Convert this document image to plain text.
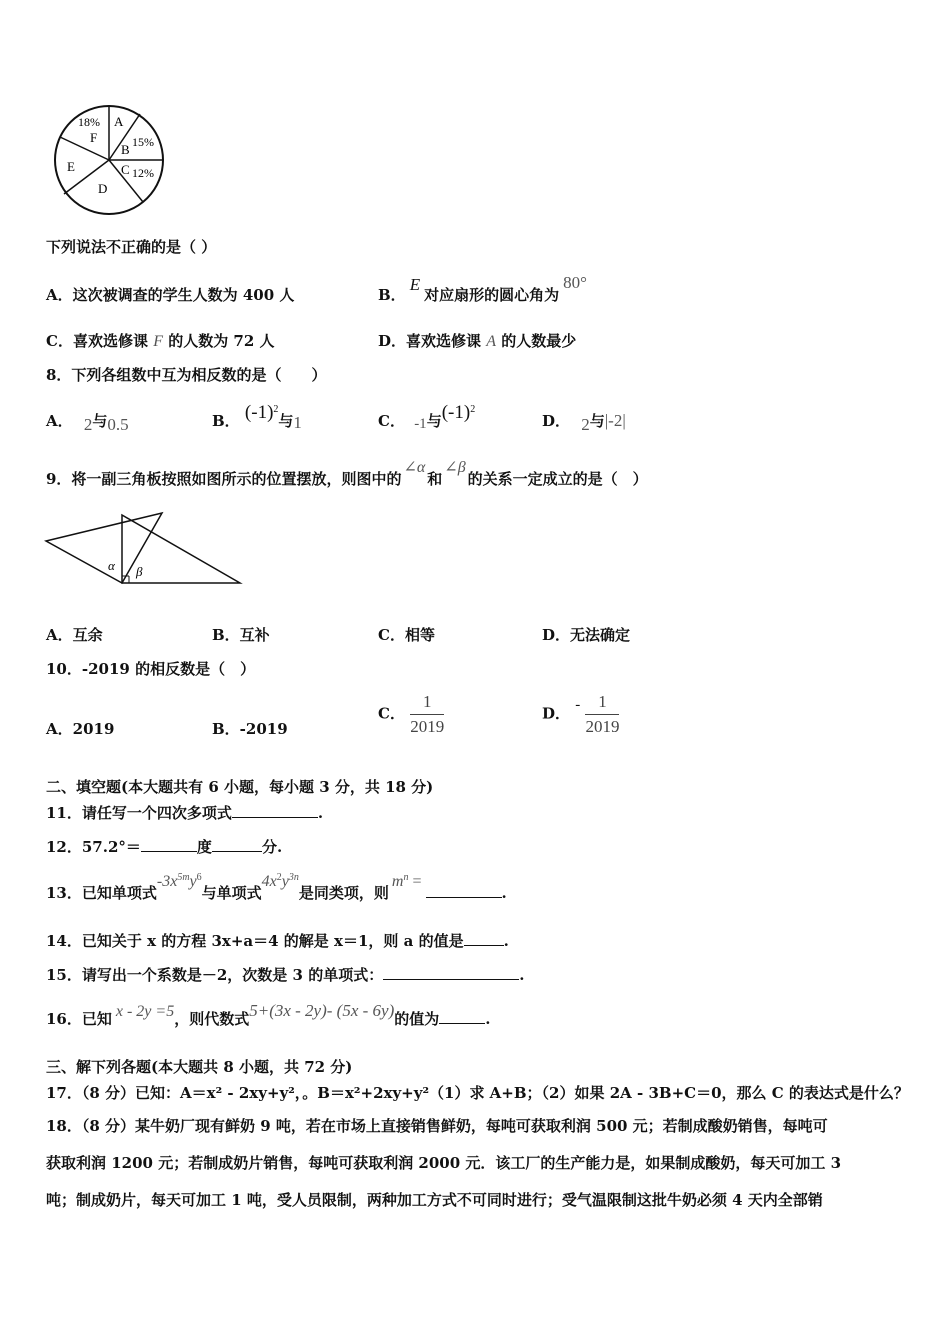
A
B
C
D
E
F
18%
15%
12%
下列说法不正确的是（ ）
A．这次被调查的学生人数为 400 人	B．E对应扇形的圆心角为80°
C．喜欢选修课 F 的人数为 72 人	D．喜欢选修课 A 的人数最少
8．下列各组数中互为相反数的是（　　）
A． 2与0.5	B． $(-1)^2$与1	C． -1与$(-1)^2$
D． 2与|-2|
9．将一副三角板按照如图所示的位置摆放，则图中的∠α和∠β的关系一定成立的是（　）
α β
A．互余	B．互补	C．相等	D．无法确定
10．-2019 的相反数是（　）
A．2019	B．-2019
C． $\frac{1}{2019}$	D． - $\frac{1}{2019}$
二、填空题(本大题共有 6 小题，每小题 3 分，共 18 分)
11．请任写一个四次多项式	.
12．57.2°＝	度	分.
13．已知单项式$-3x^{5m}y^6$与单项式$4x^2y^{3n}$是同类项，则$m^n$ =.
14．已知关于 x 的方程 3x+a＝4 的解是 x＝1，则 a 的值是	.
15．请写出一个系数是－2，次数是 3 的单项式：	.
16．已知 x - 2y =5，则代数式5+(3x - 2y)- (5x - 6y)的值为	.
三、解下列各题(本大题共 8 小题，共 72 分)
17．（8 分）已知：A＝x² - 2xy+y²，。B＝x²+2xy+y²（1）求 A+B；（2）如果 2A - 3B+C＝0，那么 C 的表达式是什么？
18．（8 分）某牛奶厂现有鲜奶 9 吨，若在市场上直接销售鲜奶，每吨可获取利润 500 元；若制成酸奶销售，每吨可
获取利润 1200 元；若制成奶片销售，每吨可获取利润 2000 元．该工厂的生产能力是，如果制成酸奶，每天可加工 3
吨；制成奶片，每天可加工 1 吨，受人员限制，两种加工方式不可同时进行；受气温限制这批牛奶必须 4 天内全部销
